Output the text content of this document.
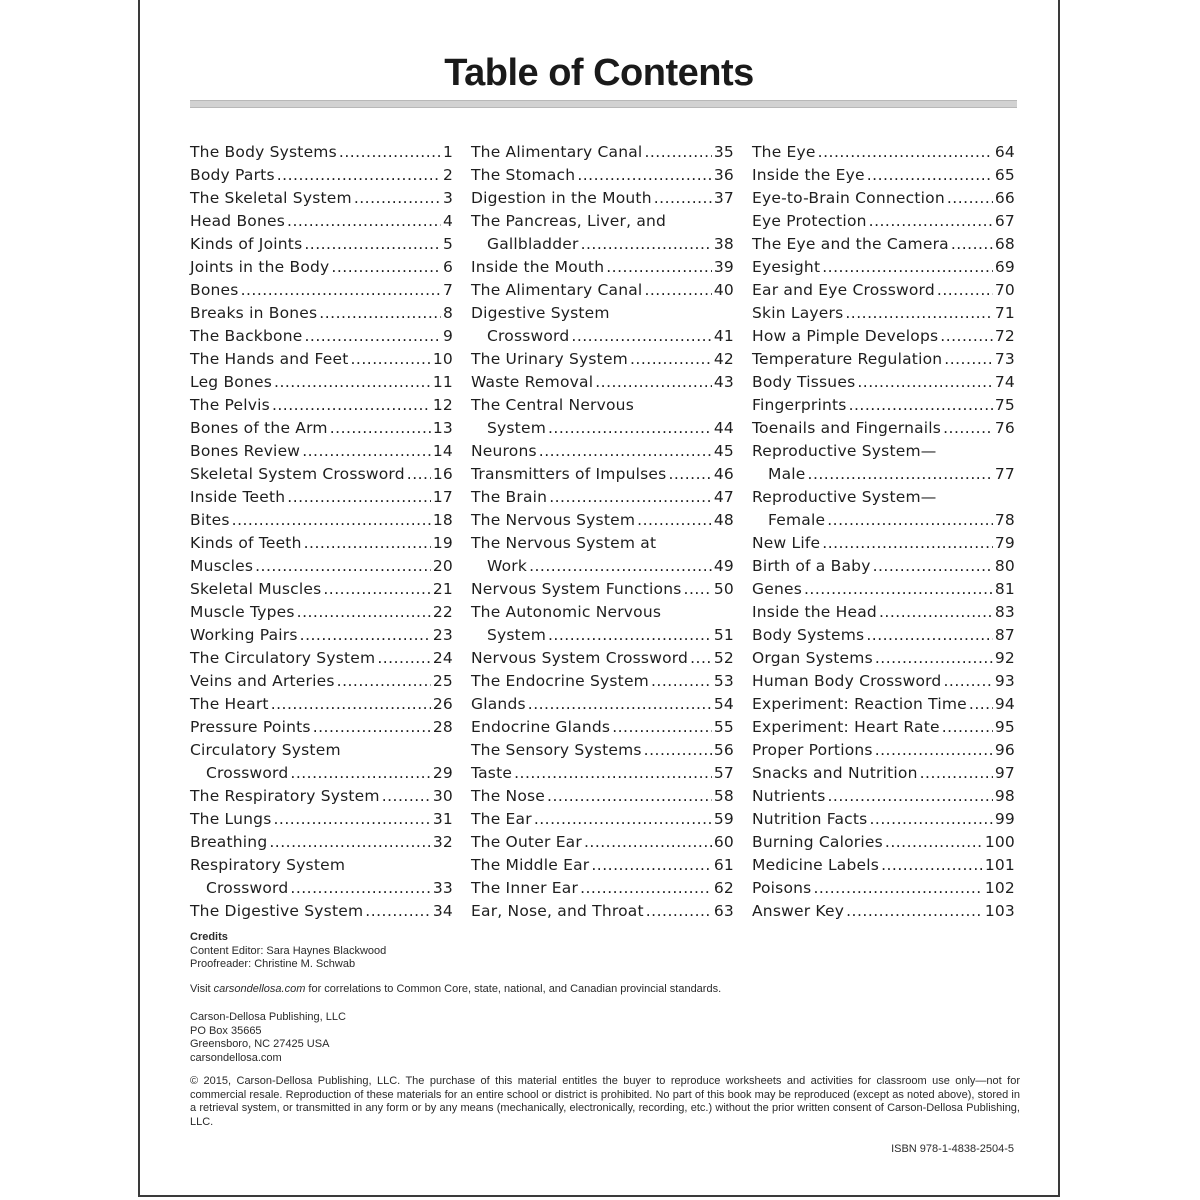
Table of Contents
The Body Systems .....	1
Body Parts .....	2
The Skeletal System .....	3
Head Bones .....	4
Kinds of Joints .....	5
Joints in the Body .....	6
Bones .....	7
Breaks in Bones .....	8
The Backbone .....	9
The Hands and Feet .....	10
Leg Bones .....	11
The Pelvis .....	12
Bones of the Arm .....	13
Bones Review .....	14
Skeletal System Crossword ..... 16
Inside Teeth .....	17
Bites .....	18
Kinds of Teeth .....	19
Muscles .....	20
Skeletal Muscles .....	21
Muscle Types .....	22
Working Pairs .....	23
The Circulatory System .....	24
Veins and Arteries .....	25
The Heart .....	26
Pressure Points .....	28
Circulatory System
Crossword .....	29
The Respiratory System .....	30
The Lungs .....	31
Breathing .....	32
Respiratory System
Crossword .....	33
The Digestive System .....	34
The Alimentary Canal .....	35
The Stomach .....	36
Digestion in the Mouth .....	37
The Pancreas, Liver, and
Gallbladder .....	38
Inside the Mouth .....	39
The Alimentary Canal .....	40
Digestive System
Crossword .....	41
The Urinary System .....	42
Waste Removal .....	43
The Central Nervous
System .....	44
Neurons .....	45
Transmitters of Impulses .....	46
The Brain .....	47
The Nervous System .....	48
The Nervous System at
Work .....	49
Nervous System Functions ..... 50
The Autonomic Nervous
System .....	51
Nervous System Crossword ..... 52
The Endocrine System .....	53
Glands .....	54
Endocrine Glands .....	55
The Sensory Systems .....	56
Taste .....	57
The Nose .....	58
The Ear .....	59
The Outer Ear .....	60
The Middle Ear .....	61
The Inner Ear .....	62
Ear, Nose, and Throat .....	63
The Eye .....	64
Inside the Eye .....	65
Eye-to-Brain Connection .....	66
Eye Protection .....	67
The Eye and the Camera .....	68
Eyesight .....	69
Ear and Eye Crossword .....	70
Skin Layers .....	71
How a Pimple Develops .....	72
Temperature Regulation .....	73
Body Tissues .....	74
Fingerprints .....	75
Toenails and Fingernails .....	76
Reproductive System—
Male .....	77
Reproductive System—
Female .....	78
New Life .....	79
Birth of a Baby .....	80
Genes .....	81
Inside the Head .....	83
Body Systems .....	87
Organ Systems .....	92
Human Body Crossword .....	93
Experiment: Reaction Time ..... 94
Experiment: Heart Rate .....	95
Proper Portions .....	96
Snacks and Nutrition .....	97
Nutrients .....	98
Nutrition Facts .....	99
Burning Calories .....	100
Medicine Labels .....	101
Poisons .....	102
Answer Key .....	103
Credits
Content Editor: Sara Haynes Blackwood
Proofreader: Christine M. Schwab
Visit carsondellosa.com for correlations to Common Core, state, national, and Canadian provincial standards.
Carson-Dellosa Publishing, LLC
PO Box 35665
Greensboro, NC 27425 USA
carsondellosa.com
© 2015, Carson-Dellosa Publishing, LLC. The purchase of this material entitles the buyer to reproduce worksheets and activities for classroom use only—not for commercial resale. Reproduction of these materials for an entire school or district is prohibited. No part of this book may be reproduced (except as noted above), stored in a retrieval system, or transmitted in any form or by any means (mechanically, electronically, recording, etc.) without the prior written consent of Carson-Dellosa Publishing, LLC.
ISBN 978-1-4838-2504-5
